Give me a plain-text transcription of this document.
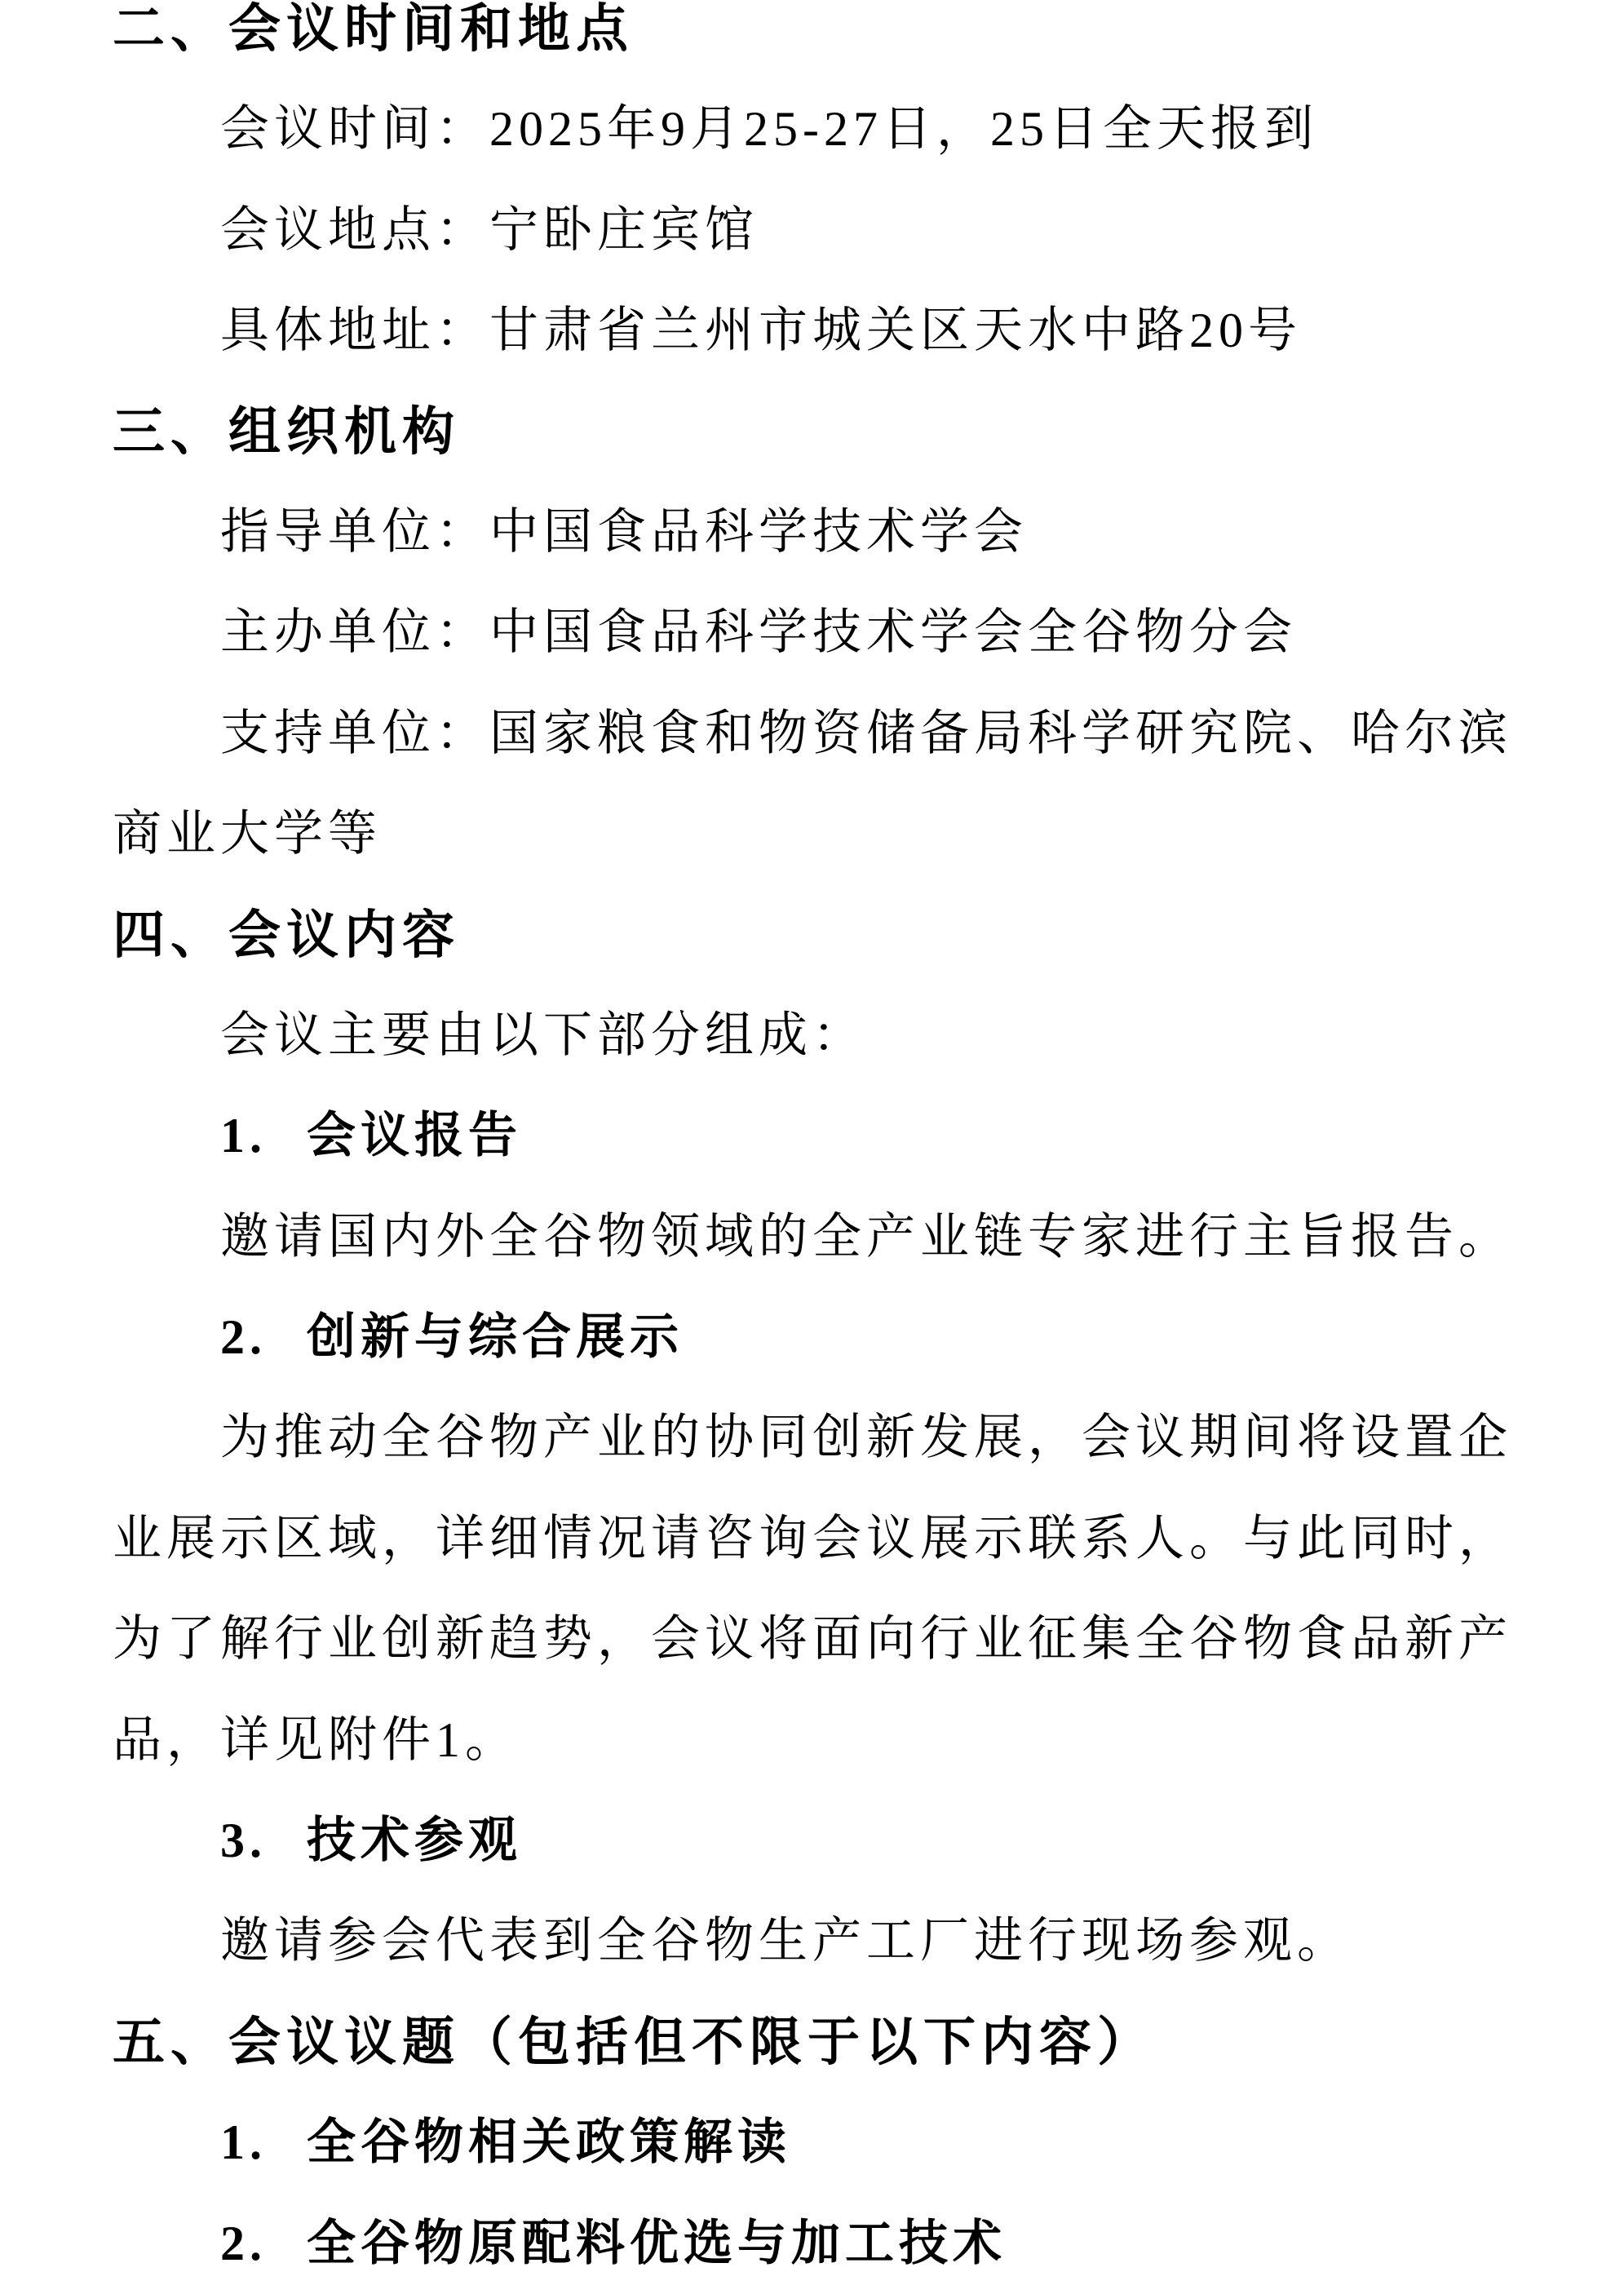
二、会议时间和地点
会议时间：2025年9月25-27日，25日全天报到
会议地点：宁卧庄宾馆
具体地址：甘肃省兰州市城关区天水中路20号
三、组织机构
指导单位：中国食品科学技术学会
主办单位：中国食品科学技术学会全谷物分会
支持单位：国家粮食和物资储备局科学研究院、哈尔滨
商业大学等
四、会议内容
会议主要由以下部分组成：
1. 会议报告
邀请国内外全谷物领域的全产业链专家进行主旨报告。
2. 创新与综合展示
为推动全谷物产业的协同创新发展，会议期间将设置企
业展示区域，详细情况请咨询会议展示联系人。与此同时，
为了解行业创新趋势，会议将面向行业征集全谷物食品新产
品，详见附件1。
3. 技术参观
邀请参会代表到全谷物生产工厂进行现场参观。
五、会议议题（包括但不限于以下内容）
1. 全谷物相关政策解读
2. 全谷物原配料优选与加工技术
